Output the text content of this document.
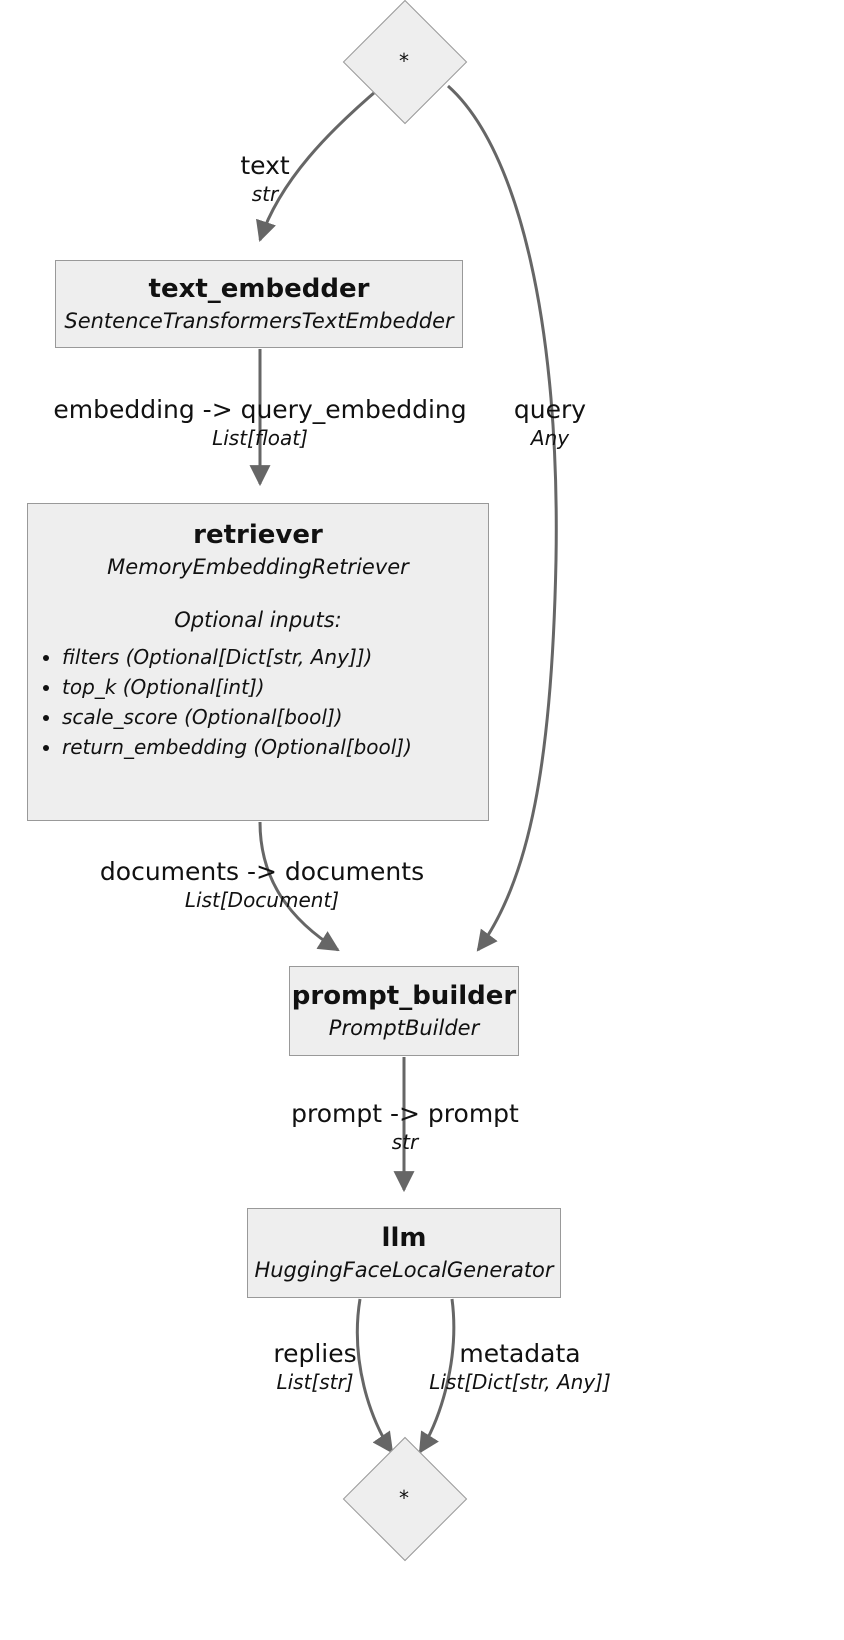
*
text_embedder
SentenceTransformersTextEmbedder
retriever
MemoryEmbeddingRetriever
Optional inputs:
• filters (Optional[Dict[str, Any]])
• top_k (Optional[int])
• scale_score (Optional[bool])
• return_embedding (Optional[bool])
prompt_builder
PromptBuilder
llm
HuggingFaceLocalGenerator
*
text
str
embedding -> query_embedding
List[float]
query
Any
documents -> documents
List[Document]
prompt -> prompt
str
replies
List[str]
metadata
List[Dict[str, Any]]
